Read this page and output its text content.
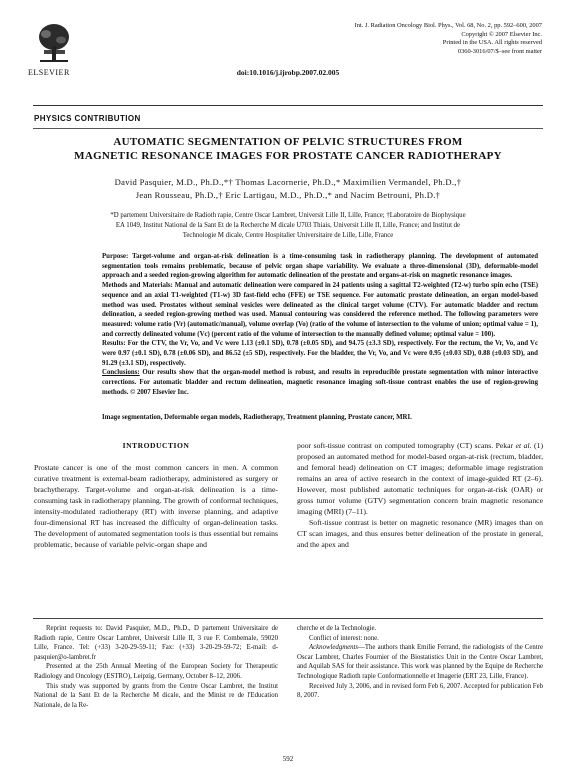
ELSEVIER
Int. J. Radiation Oncology Biol. Phys., Vol. 68, No. 2, pp. 592–600, 2007
Copyright © 2007 Elsevier Inc.
Printed in the USA. All rights reserved
0360-3016/07/$–see front matter
doi:10.1016/j.ijrobp.2007.02.005
PHYSICS CONTRIBUTION
AUTOMATIC SEGMENTATION OF PELVIC STRUCTURES FROM
MAGNETIC RESONANCE IMAGES FOR PROSTATE CANCER RADIOTHERAPY
David Pasquier, M.D., Ph.D.,*† Thomas Lacornerie, Ph.D.,* Maximilien Vermandel, Ph.D.,†
Jean Rousseau, Ph.D.,† Eric Lartigau, M.D., Ph.D.,* and Nacim Betrouni, Ph.D.†
*D partement Universitaire de Radioth rapie, Centre Oscar Lambret, Universit Lille II, Lille, France; †Laboratoire de Biophysique
EA 1049, Institut National de la Sant Et de la Recherche M dicale U703 Thiais, Universit Lille II, Lille, France; and Institut de
Technologie M dicale, Centre Hospitalier Universitaire de Lille, Lille, France

Purpose: Target-volume and organ-at-risk delineation is a time-consuming task in radiotherapy planning. The development of automated segmentation tools remains problematic, because of pelvic organ shape variability. We evaluate a three-dimensional (3D), deformable-model approach and a seeded region-growing algorithm for automatic delineation of the prostate and organs-at-risk on magnetic resonance images.

Methods and Materials: Manual and automatic delineation were compared in 24 patients using a sagittal T2-weighted (T2-w) turbo spin echo (TSE) sequence and an axial T1-weighted (T1-w) 3D fast-field echo (FFE) or TSE sequence. For automatic prostate delineation, an organ model-based method was used. Prostates without seminal vesicles were delineated as the clinical target volume (CTV). For automatic bladder and rectum delineation, a seeded region-growing method was used. Manual contouring was considered the reference method. The following parameters were measured: volume ratio (Vr) (automatic/manual), volume overlap (Vo) (ratio of the volume of intersection to the volume of union; optimal value = 1), and correctly delineated volume (Vc) (percent ratio of the volume of intersection to the manually defined volume; optimal value = 100).

Results: For the CTV, the Vr, Vo, and Vc were 1.13 (±0.1 SD), 0.78 (±0.05 SD), and 94.75 (±3.3 SD), respectively. For the rectum, the Vr, Vo, and Vc were 0.97 (±0.1 SD), 0.78 (±0.06 SD), and 86.52 (±5 SD), respectively. For the bladder, the Vr, Vo, and Vc were 0.95 (±0.03 SD), 0.88 (±0.03 SD), and 91.29 (±3.1 SD), respectively.

Conclusions: Our results show that the organ-model method is robust, and results in reproducible prostate segmentation with minor interactive corrections. For automatic bladder and rectum delineation, magnetic resonance imaging soft-tissue contrast enables the use of region-growing methods. © 2007 Elsevier Inc.

Image segmentation, Deformable organ models, Radiotherapy, Treatment planning, Prostate cancer, MRI.
INTRODUCTION

Prostate cancer is one of the most common cancers in men. A common curative treatment is external-beam radiotherapy, administered as surgery or brachytherapy. Target-volume and organ-at-risk delineation is a time-consuming task in radiotherapy planning. The growth of conformal techniques, intensity-modulated radiotherapy (RT) with inverse planning, and adaptive four-dimensional RT has increased the difficulty of organ-delineation tasks. The development of automated segmentation tools is thus essential but remains problematic, because of variable pelvic-organ shape and

poor soft-tissue contrast on computed tomography (CT) scans. Pekar et al. (1) proposed an automated method for model-based organ-at-risk (rectum, bladder, and femoral head) delineation on CT images; deformable image registration remains an area of active research in the context of image-guided RT (2–6). However, most published automatic techniques for organ-at-risk (OAR) or gross tumor volume (GTV) segmentation concern brain magnetic resonance imaging (MRI) (7–11).

Soft-tissue contrast is better on magnetic resonance (MR) images than on CT scan images, and thus ensures better delineation of the prostate in general, and the apex and

Reprint requests to: David Pasquier, M.D., Ph.D., D partement Universitaire de Radioth rapie, Centre Oscar Lambret, Universit Lille II, 3 rue F. Combemale, 59020 Lille, France. Tel: (+33) 3-20-29-59-11; Fax: (+33) 3-20-29-59-72; E-mail: d-pasquier@o-lambret.fr

Presented at the 25th Annual Meeting of the European Society for Therapeutic Radiology and Oncology (ESTRO), Leipzig, Germany, October 8–12, 2006.

This study was supported by grants from the Centre Oscar Lambret, the Institut National de la Sant Et de la Recherche M dicale, and the Minist re de l'Education Nationale, de la Re-

cherche et de la Technologie.

Conflict of interest: none.

Acknowledgments—The authors thank Emilie Ferrand, the radiologists of the Centre Oscar Lambret, Charles Fournier of the Biostatistics Unit in the Centre Oscar Lambret, and Aquilab SAS for their assistance. This work was planned by the Equipe de Recherche Technologique Radioth rapie Conformationnelle et Imagerie (ERT 23, Lille, France).

Received July 3, 2006, and in revised form Feb 6, 2007. Accepted for publication Feb 8, 2007.

592
